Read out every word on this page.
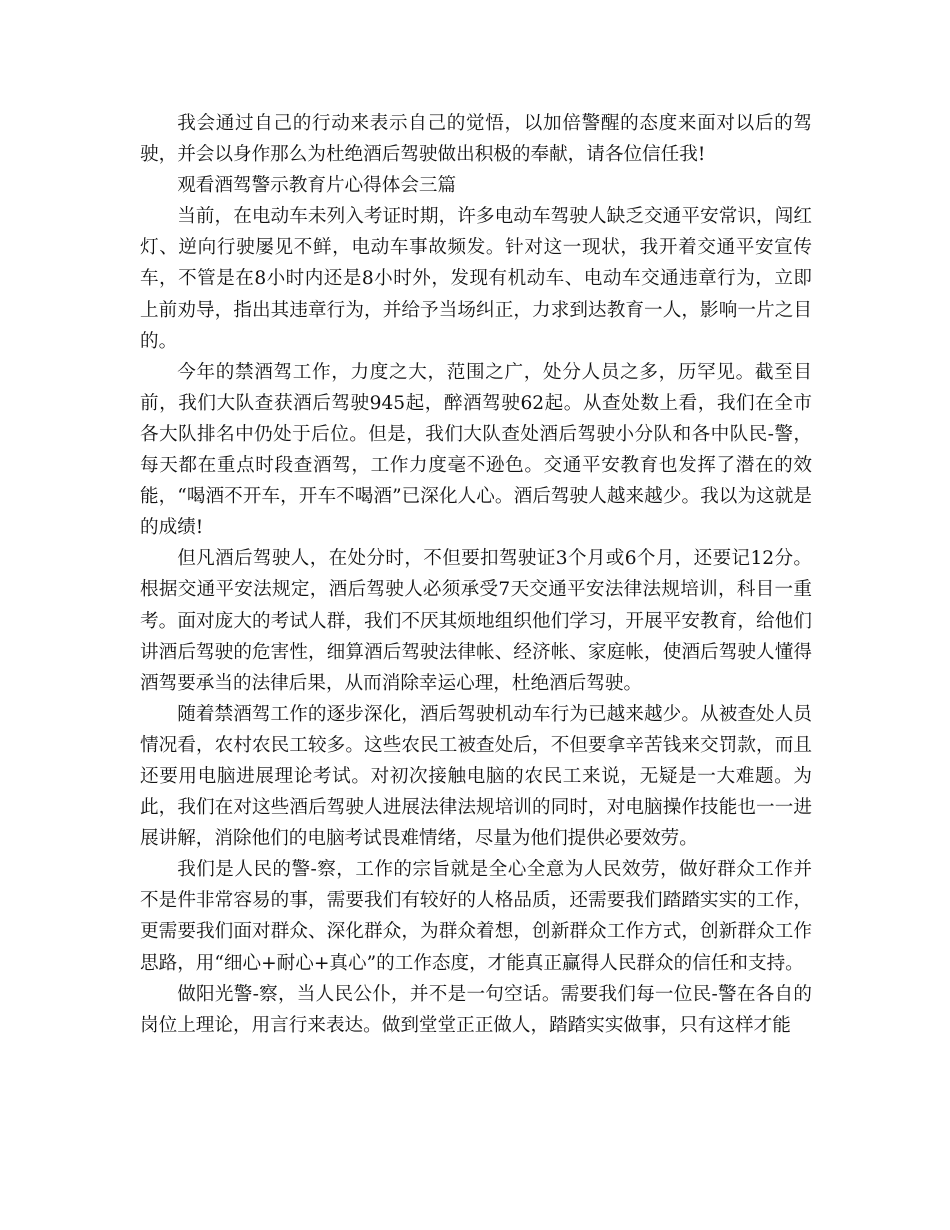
我会通过自己的行动来表示自己的觉悟，以加倍警醒的态度来面对以后的驾驶，并会以身作那么为杜绝酒后驾驶做出积极的奉献，请各位信任我!

观看酒驾警示教育片心得体会三篇

当前，在电动车未列入考证时期，许多电动车驾驶人缺乏交通平安常识，闯红灯、逆向行驶屡见不鲜，电动车事故频发。针对这一现状，我开着交通平安宣传车，不管是在8小时内还是8小时外，发现有机动车、电动车交通违章行为，立即上前劝导，指出其违章行为，并给予当场纠正，力求到达教育一人，影响一片之目的。

今年的禁酒驾工作，力度之大，范围之广，处分人员之多，历罕见。截至目前，我们大队查获酒后驾驶945起，醉酒驾驶62起。从查处数上看，我们在全市各大队排名中仍处于后位。但是，我们大队查处酒后驾驶小分队和各中队民-警，每天都在重点时段查酒驾，工作力度毫不逊色。交通平安教育也发挥了潜在的效能，“喝酒不开车，开车不喝酒”已深化人心。酒后驾驶人越来越少。我以为这就是的成绩!

但凡酒后驾驶人，在处分时，不但要扣驾驶证3个月或6个月，还要记12分。根据交通平安法规定，酒后驾驶人必须承受7天交通平安法律法规培训，科目一重考。面对庞大的考试人群，我们不厌其烦地组织他们学习，开展平安教育，给他们讲酒后驾驶的危害性，细算酒后驾驶法律帐、经济帐、家庭帐，使酒后驾驶人懂得酒驾要承当的法律后果，从而消除幸运心理，杜绝酒后驾驶。

随着禁酒驾工作的逐步深化，酒后驾驶机动车行为已越来越少。从被查处人员情况看，农村农民工较多。这些农民工被查处后，不但要拿辛苦钱来交罚款，而且还要用电脑进展理论考试。对初次接触电脑的农民工来说，无疑是一大难题。为此，我们在对这些酒后驾驶人进展法律法规培训的同时，对电脑操作技能也一一进展讲解，消除他们的电脑考试畏难情绪，尽量为他们提供必要效劳。

我们是人民的警-察，工作的宗旨就是全心全意为人民效劳，做好群众工作并不是件非常容易的事，需要我们有较好的人格品质，还需要我们踏踏实实的工作，更需要我们面对群众、深化群众，为群众着想，创新群众工作方式，创新群众工作思路，用“细心+耐心+真心”的工作态度，才能真正赢得人民群众的信任和支持。

做阳光警-察，当人民公仆，并不是一句空话。需要我们每一位民-警在各自的岗位上理论，用言行来表达。做到堂堂正正做人，踏踏实实做事，只有这样才能
